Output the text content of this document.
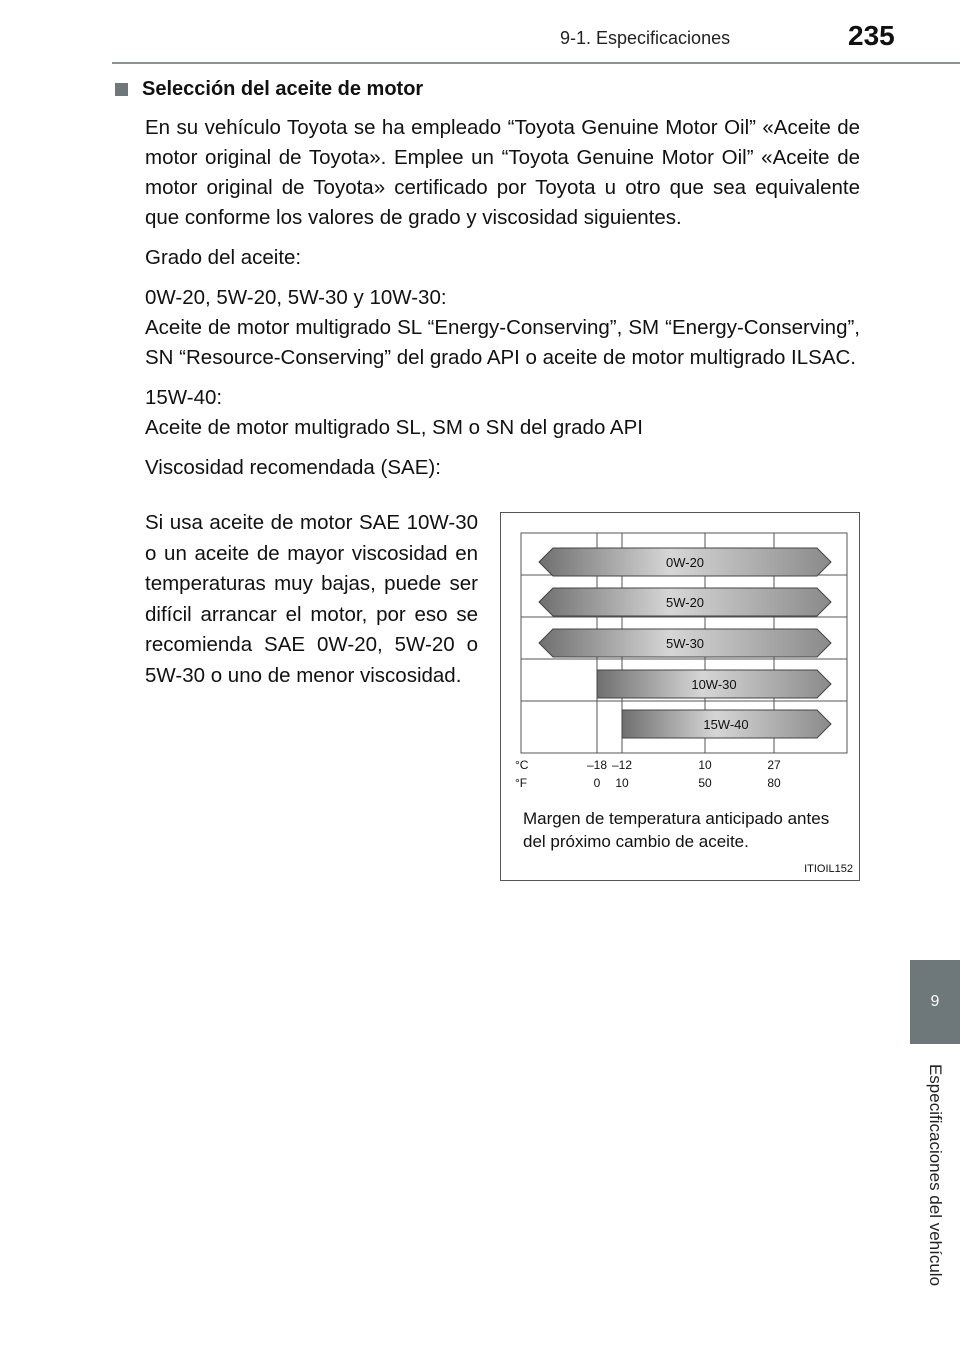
9-1. Especificaciones	235
9
Especificaciones del vehículo
Selección del aceite de motor

En su vehículo Toyota se ha empleado “Toyota Genuine Motor Oil” «Aceite de motor original de Toyota». Emplee un “Toyota Genuine Motor Oil” «Aceite de motor original de Toyota» certificado por Toyota u otro que sea equivalente que conforme los valores de grado y viscosidad siguientes.

Grado del aceite:

0W-20, 5W-20, 5W-30 y 10W-30:

Aceite de motor multigrado SL “Energy-Conserving”, SM “Energy-Conserving”, SN “Resource-Conserving” del grado API o aceite de motor multigrado ILSAC.

15W-40:

Aceite de motor multigrado SL, SM o SN del grado API

Viscosidad recomendada (SAE):

Si usa aceite de motor SAE 10W-30 o un aceite de mayor viscosidad en temperaturas muy bajas, puede ser difícil arrancar el motor, por eso se recomienda SAE 0W-20, 5W-20 o 5W-30 o uno de menor viscosidad.
0W-20
5W-20
5W-30
10W-30
15W-40
°C
°F
–18 –12	10	27
0 10	50	80
Margen de temperatura anticipado antes del próximo cambio de aceite.
ITIOIL152
